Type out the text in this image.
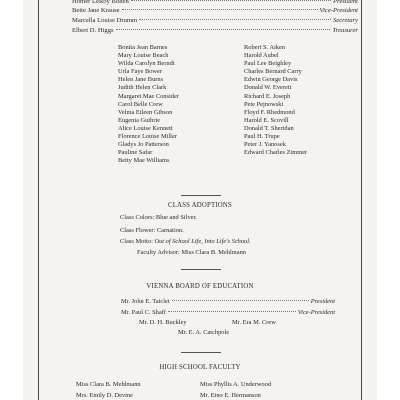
Homer LeRoy Bohen	President
Bette Jane Krause	Vice-President
Marcella Louise Drumm	Secretary
Elbert D. Higgs	Treasurer
Bonita Jean Barnes
Mary Louise Beach
Wilda Carolyn Berndt
Urla Faye Bower
Helen Jane Burns
Judith Helen Clark
Margaret Mae Consider
Carol Belle Crew
Velma Eileen Gibson
Eugenia Guthrie
Alice Louise Kennett
Florence Louise Miller
Gladys Jo Patterson
Pauline Safar
Betty Mae Williams
Robert S. Aiken
Harold Aubel
Paul Lee Beighley
Charles Bernard Carry
Edwin George Davis
Donald W. Everett
Richard E. Joseph
Pete Pejnowski
Floyd F. Rhedmond
Harold E. Scovill
Donald T. Sheridan
Paul H. Trupe
Peter J. Yanosek
Edward Charles Zimmer
CLASS ADOPTIONS
Class Colors: Blue and Silver.
Class Flower: Carnation.
Class Motto: Out of School Life, Into Life's School.
Faculty Advisor: Miss Clara B. Mehlmann
VIENNA BOARD OF EDUCATION
Mr. John E. Taiclet	President
Mr. Paul C. Shaff	Vice-President
Mr. D. H. Buckley	Mr. Era M. Crew
Mr. E. A. Catchpole
HIGH SCHOOL FACULTY
Miss Clara B. Mehlmann	Miss Phyllis A. Underwood
Mrs. Emily D. Devine	Mr. Eino E. Hermanson
